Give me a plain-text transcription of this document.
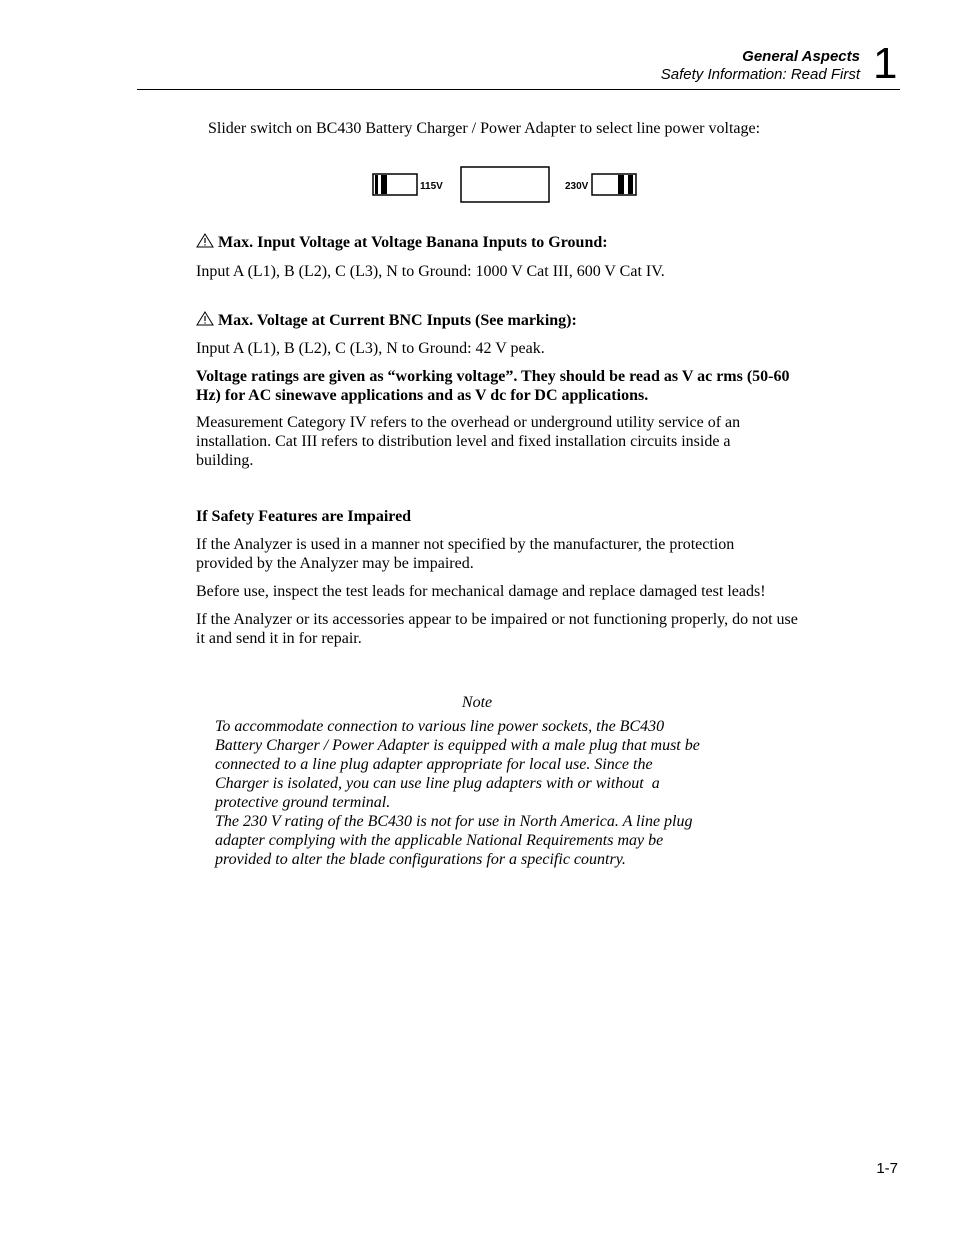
General Aspects
Safety Information: Read First 1
Slider switch on BC430 Battery Charger / Power Adapter to select line power voltage:
115V	230V
Max. Input Voltage at Voltage Banana Inputs to Ground:
Input A (L1), B (L2), C (L3), N to Ground: 1000 V Cat III, 600 V Cat IV.
Max. Voltage at Current BNC Inputs (See marking):
Input A (L1), B (L2), C (L3), N to Ground: 42 V peak.
Voltage ratings are given as “working voltage”. They should be read as V ac rms (50-60 Hz) for AC sinewave applications and as V dc for DC applications.
Measurement Category IV refers to the overhead or underground utility service of an installation. Cat III refers to distribution level and fixed installation circuits inside a building.
If Safety Features are Impaired
If the Analyzer is used in a manner not specified by the manufacturer, the protection provided by the Analyzer may be impaired.
Before use, inspect the test leads for mechanical damage and replace damaged test leads!
If the Analyzer or its accessories appear to be impaired or not functioning properly, do not use it and send it in for repair.
Note
To accommodate connection to various line power sockets, the BC430
Battery Charger / Power Adapter is equipped with a male plug that must be
connected to a line plug adapter appropriate for local use. Since the
Charger is isolated, you can use line plug adapters with or without  a
protective ground terminal.
The 230 V rating of the BC430 is not for use in North America. A line plug
adapter complying with the applicable National Requirements may be
provided to alter the blade configurations for a specific country.
1-7
